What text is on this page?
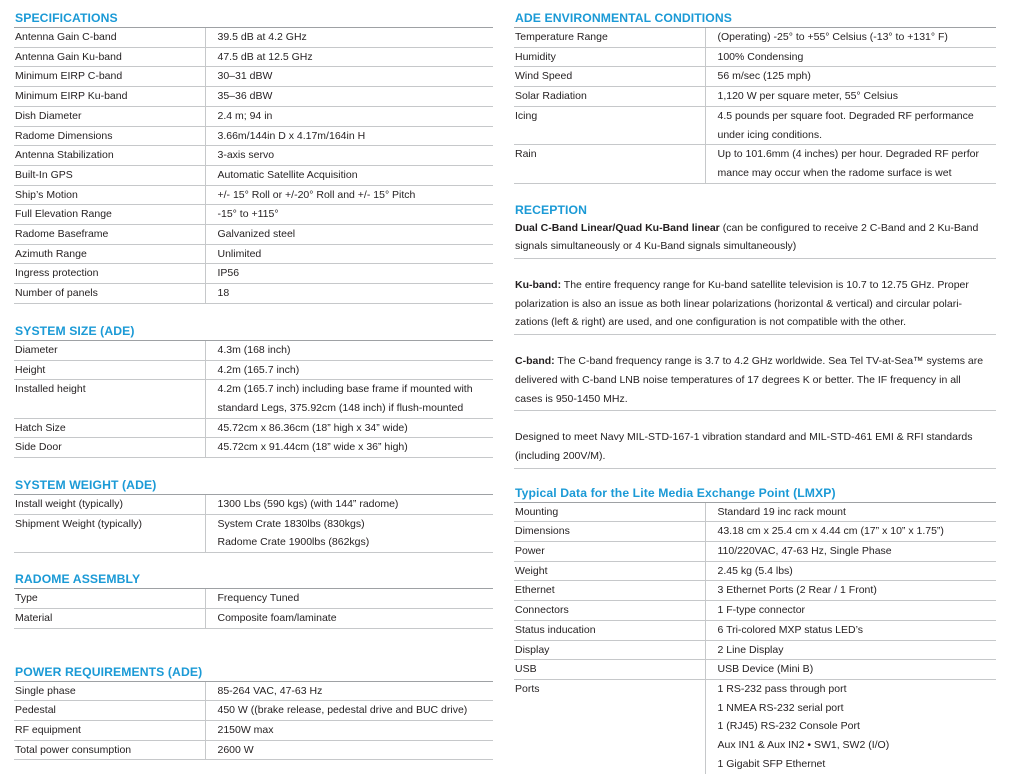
SPECIFICATIONS
Antenna Gain C-band	39.5 dB at 4.2 GHz
Antenna Gain Ku-band	47.5 dB at 12.5 GHz
Minimum EIRP C-band	30–31 dBW
Minimum EIRP Ku-band	35–36 dBW
Dish Diameter	2.4 m; 94 in
Radome Dimensions	3.66m/144in D x 4.17m/164in H
Antenna Stabilization	3-axis servo
Built-In GPS	Automatic Satellite Acquisition
Ship’s Motion	+/- 15° Roll or +/-20° Roll and +/- 15° Pitch
Full Elevation Range	-15° to +115°
Radome Baseframe	Galvanized steel
Azimuth Range	Unlimited
Ingress protection	IP56
Number of panels	18
SYSTEM SIZE (ADE)
Diameter	4.3m (168 inch)
Height	4.2m (165.7 inch)
Installed height	4.2m (165.7 inch) including base frame if mounted with
standard Legs, 375.92cm (148 inch) if flush-mounted

Hatch Size	45.72cm x 86.36cm (18” high x 34” wide)
Side Door	45.72cm x 91.44cm (18” wide x 36” high)
SYSTEM WEIGHT (ADE)
Install weight (typically)	1300 Lbs (590 kgs) (with 144” radome)
Shipment Weight (typically)	System Crate 1830lbs (830kgs)
Radome Crate 1900lbs (862kgs)
RADOME ASSEMBLY
Type	Frequency Tuned
Material	Composite foam/laminate
POWER REQUIREMENTS (ADE)
Single phase	85-264 VAC, 47-63 Hz
Pedestal	450 W ((brake release, pedestal drive and BUC drive)
RF equipment	2150W max
Total power consumption	2600 W
ADE ENVIRONMENTAL CONDITIONS
Temperature Range	(Operating) -25° to +55° Celsius (-13° to +131° F)
Humidity	100% Condensing
Wind Speed	56 m/sec (125 mph)
Solar Radiation	1,120 W per square meter, 55° Celsius
Icing	4.5 pounds per square foot. Degraded RF performance
under icing conditions.

Rain	Up to 101.6mm (4 inches) per hour. Degraded RF perfor
mance may occur when the radome surface is wet
RECEPTION
Dual C-Band Linear/Quad Ku-Band linear (can be configured to receive 2 C-Band and 2 Ku-Band
signals simultaneously or 4 Ku-Band signals simultaneously)
Ku-band: The entire frequency range for Ku-band satellite television is 10.7 to 12.75 GHz. Proper
polarization is also an issue as both linear polarizations (horizontal & vertical) and circular polari-
zations (left & right) are used, and one configuration is not compatible with the other.
C-band: The C-band frequency range is 3.7 to 4.2 GHz worldwide. Sea Tel TV-at-Sea™ systems are
delivered with C-band LNB noise temperatures of 17 degrees K or better. The IF frequency in all
cases is 950-1450 MHz.
Designed to meet Navy MIL-STD-167-1 vibration standard and MIL-STD-461 EMI & RFI standards
(including 200V/M).
Typical Data for the Lite Media Exchange Point (LMXP)
Mounting	Standard 19 inc rack mount
Dimensions	43.18 cm x 25.4 cm x 4.44 cm (17” x 10” x 1.75”)
Power	110/220VAC, 47-63 Hz, Single Phase
Weight	2.45 kg (5.4 lbs)
Ethernet	3 Ethernet Ports (2 Rear / 1 Front)
Connectors	1 F-type connector
Status inducation	6 Tri-colored MXP status LED’s
Display	2 Line Display
USB	USB Device (Mini B)
Ports	1 RS-232 pass through port
1 NMEA RS-232 serial port
1 (RJ45) RS-232 Console Port
Aux IN1 & Aux IN2 • SW1, SW2 (I/O)
1 Gigabit SFP Ethernet
